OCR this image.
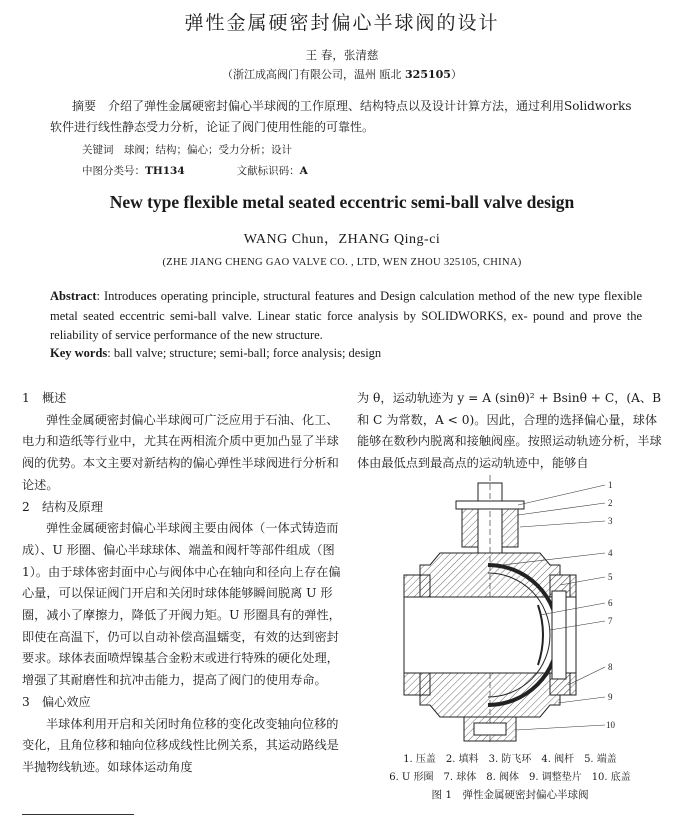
弹性金属硬密封偏心半球阀的设计
王 春，张清慈
（浙江成高阀门有限公司，温州 瓯北 325105）
摘要　 介绍了弹性金属硬密封偏心半球阀的工作原理、结构特点以及设计计算方法，通过利用Solidworks 软件进行线性静态受力分析，论证了阀门使用性能的可靠性。
关键词　球阀；结构；偏心；受力分析；设计
中图分类号：TH134	文献标识码：A
New type flexible metal seated eccentric semi-ball valve design
WANG Chun，ZHANG Qing-ci
(ZHE JIANG CHENG GAO VALVE CO. , LTD, WEN ZHOU 325105, CHINA)
Abstract: Introduces operating principle, structural features and Design calculation method of the new type flexible metal seated eccentric semi-ball valve. Linear static force analysis by SOLIDWORKS, ex- pound and prove the reliability of service performance of the new structure.
Key words: ball valve; structure; semi-ball; force analysis; design

1　概述

弹性金属硬密封偏心半球阀可广泛应用于石油、化工、电力和造纸等行业中，尤其在两相流介质中更加凸显了半球阀的优势。本文主要对新结构的偏心弹性半球阀进行分析和论述。

2　结构及原理

弹性金属硬密封偏心半球阀主要由阀体（一体式铸造而成）、U 形圈、偏心半球球体、端盖和阀杆等部件组成（图 1）。由于球体密封面中心与阀体中心在轴向和径向上存在偏心量，可以保证阀门开启和关闭时球体能够瞬间脱离 U 形圈，减小了摩擦力，降低了开阀力矩。U 形圈具有的弹性，即使在高温下，仍可以自动补偿高温蠕变，有效的达到密封要求。球体表面喷焊镍基合金粉末或进行特殊的硬化处理，增强了其耐磨性和抗冲击能力，提高了阀门的使用寿命。

3　偏心效应

半球体利用开启和关闭时角位移的变化改变轴向位移的变化，且角位移和轴向位移成线性比例关系，其运动路线是半抛物线轨迹。如球体运动角度

为 θ，运动轨迹为 y = A (sinθ)² + Bsinθ + C，(A、B 和 C 为常数，A < 0)。因此，合理的选择偏心量，球体能够在数秒内脱离和接触阀座。按照运动轨迹分析，半球体由最低点到最高点的运动轨迹中，能够自

1
2
3
4
5
6
7
8
9
10
1. 压盖　2. 填料　3. 防飞环　4. 阀杆　5. 端盖
6. U 形圈　7. 球体　8. 阀体　9. 调整垫片　10. 底盖
图 1　弹性金属硬密封偏心半球阀
